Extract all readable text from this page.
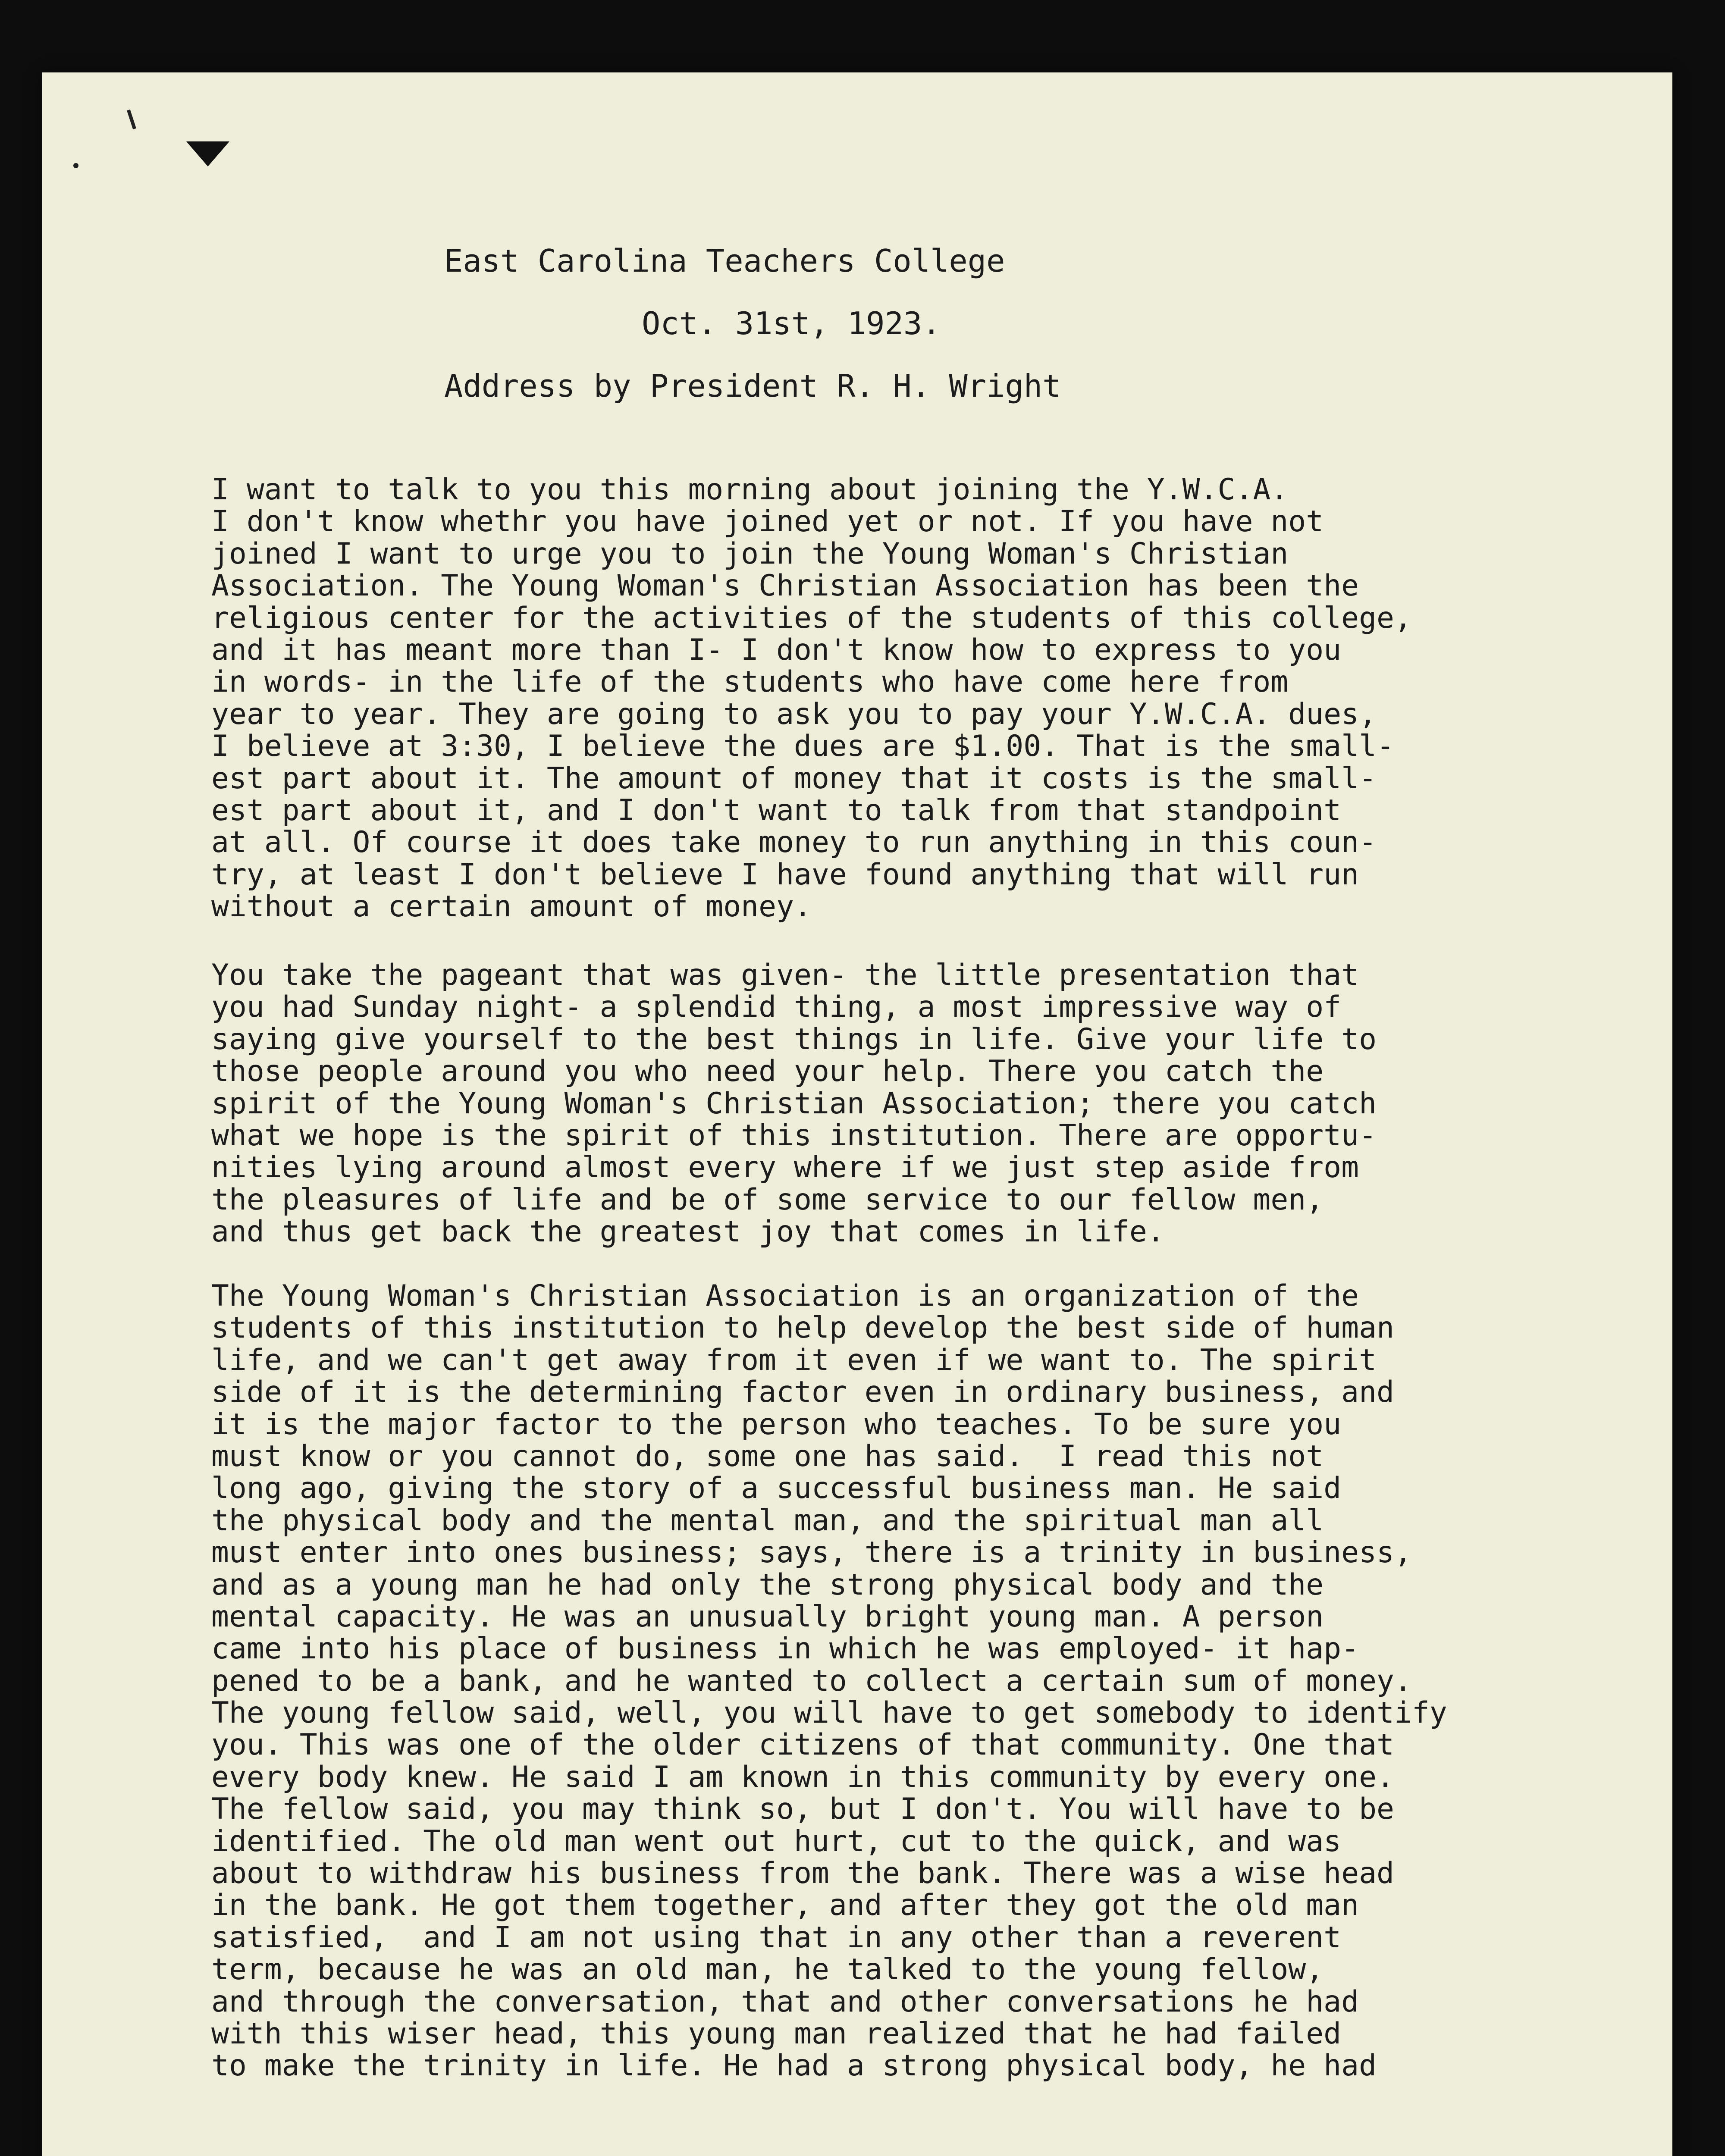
East Carolina Teachers College
Oct. 31st, 1923.
Address by President R. H. Wright
I want to talk to you this morning about joining the Y.W.C.A.
I don't know whethr you have joined yet or not. If you have not
joined I want to urge you to join the Young Woman's Christian
Association. The Young Woman's Christian Association has been the
religious center for the activities of the students of this college,
and it has meant more than I- I don't know how to express to you
in words- in the life of the students who have come here from
year to year. They are going to ask you to pay your Y.W.C.A. dues,
I believe at 3:30, I believe the dues are $1.00. That is the small-
est part about it. The amount of money that it costs is the small-
est part about it, and I don't want to talk from that standpoint
at all. Of course it does take money to run anything in this coun-
try, at least I don't believe I have found anything that will run
without a certain amount of money.
You take the pageant that was given- the little presentation that
you had Sunday night- a splendid thing, a most impressive way of
saying give yourself to the best things in life. Give your life to
those people around you who need your help. There you catch the
spirit of the Young Woman's Christian Association; there you catch
what we hope is the spirit of this institution. There are opportu-
nities lying around almost every where if we just step aside from
the pleasures of life and be of some service to our fellow men,
and thus get back the greatest joy that comes in life.
The Young Woman's Christian Association is an organization of the
students of this institution to help develop the best side of human
life, and we can't get away from it even if we want to. The spirit
side of it is the determining factor even in ordinary business, and
it is the major factor to the person who teaches. To be sure you
must know or you cannot do, some one has said.  I read this not
long ago, giving the story of a successful business man. He said
the physical body and the mental man, and the spiritual man all
must enter into ones business; says, there is a trinity in business,
and as a young man he had only the strong physical body and the
mental capacity. He was an unusually bright young man. A person
came into his place of business in which he was employed- it hap-
pened to be a bank, and he wanted to collect a certain sum of money.
The young fellow said, well, you will have to get somebody to identify
you. This was one of the older citizens of that community. One that
every body knew. He said I am known in this community by every one.
The fellow said, you may think so, but I don't. You will have to be
identified. The old man went out hurt, cut to the quick, and was
about to withdraw his business from the bank. There was a wise head
in the bank. He got them together, and after they got the old man
satisfied,  and I am not using that in any other than a reverent
term, because he was an old man, he talked to the young fellow,
and through the conversation, that and other conversations he had
with this wiser head, this young man realized that he had failed
to make the trinity in life. He had a strong physical body, he had
